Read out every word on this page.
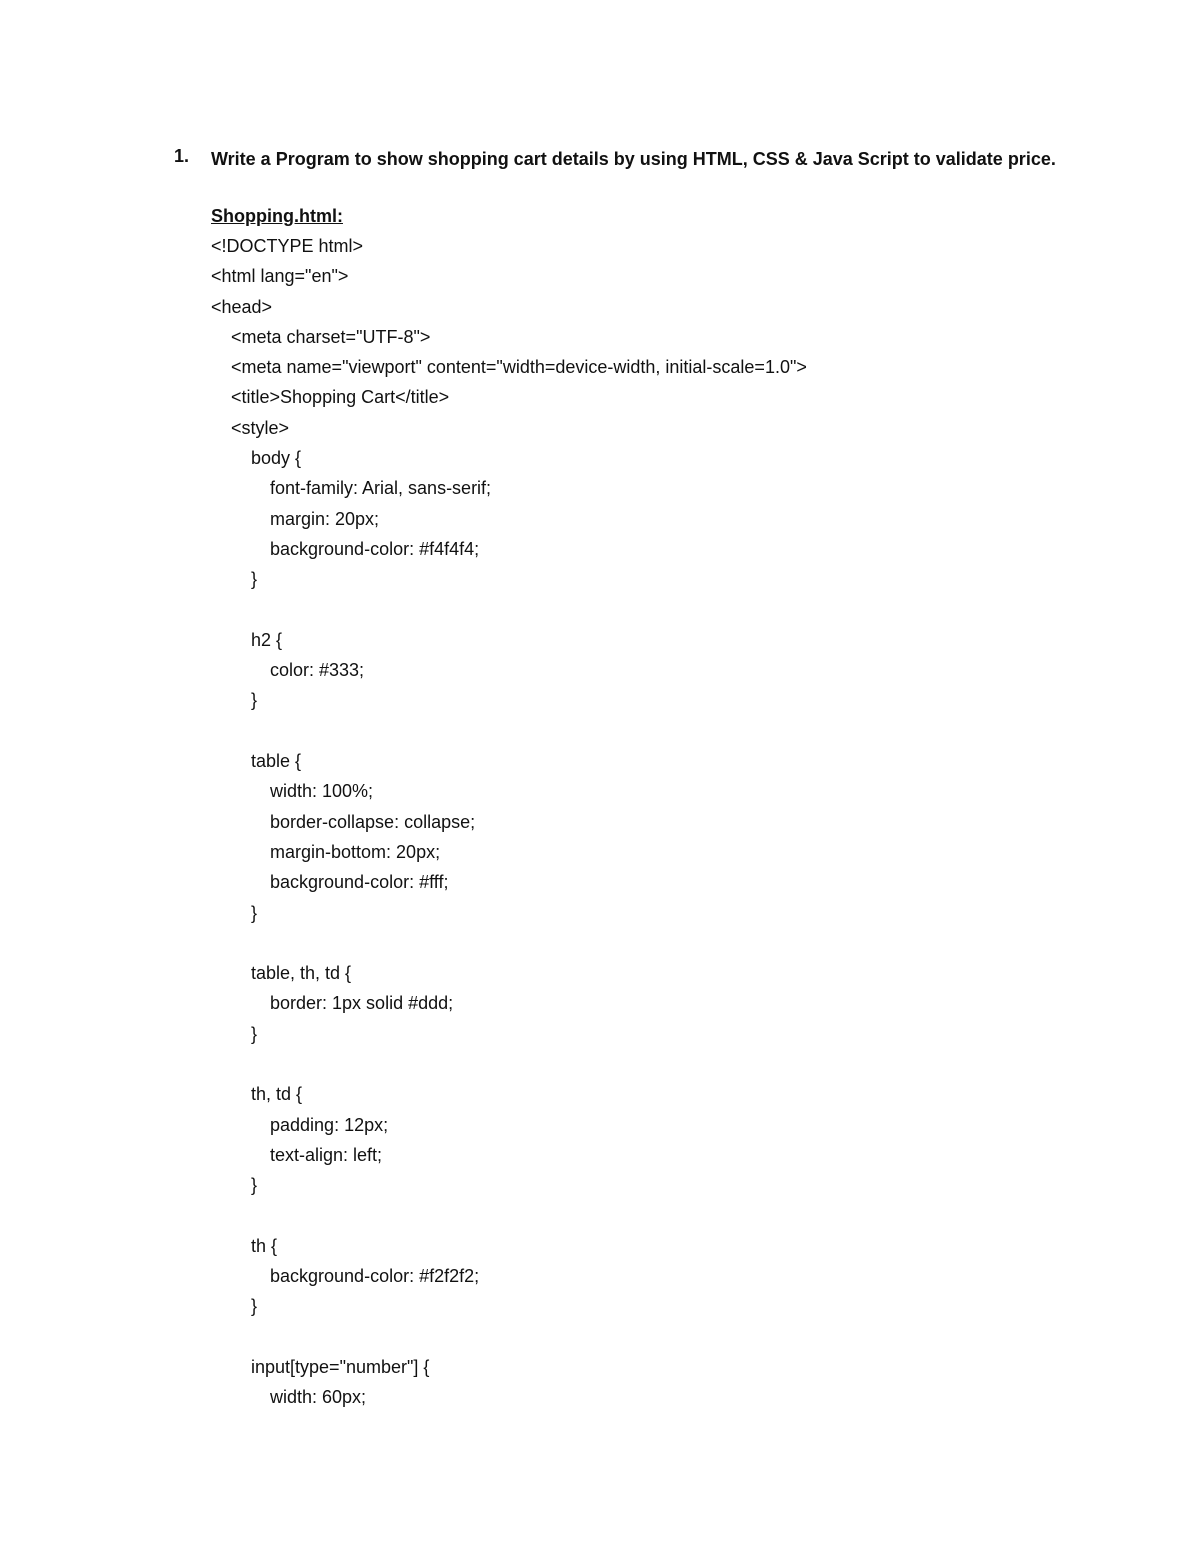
1. Write a Program to show shopping cart details by using HTML, CSS & Java Script to validate price.
Shopping.html:
<!DOCTYPE html>
<html lang="en">
<head>
<meta charset="UTF-8">
<meta name="viewport" content="width=device-width, initial-scale=1.0">
<title>Shopping Cart</title>
<style>
body {
font-family: Arial, sans-serif;
margin: 20px;
background-color: #f4f4f4;
}
h2 {
color: #333;
}
table {
width: 100%;
border-collapse: collapse;
margin-bottom: 20px;
background-color: #fff;
}
table, th, td {
border: 1px solid #ddd;
}
th, td {
padding: 12px;
text-align: left;
}
th {
background-color: #f2f2f2;
}
input[type="number"] {
width: 60px;
